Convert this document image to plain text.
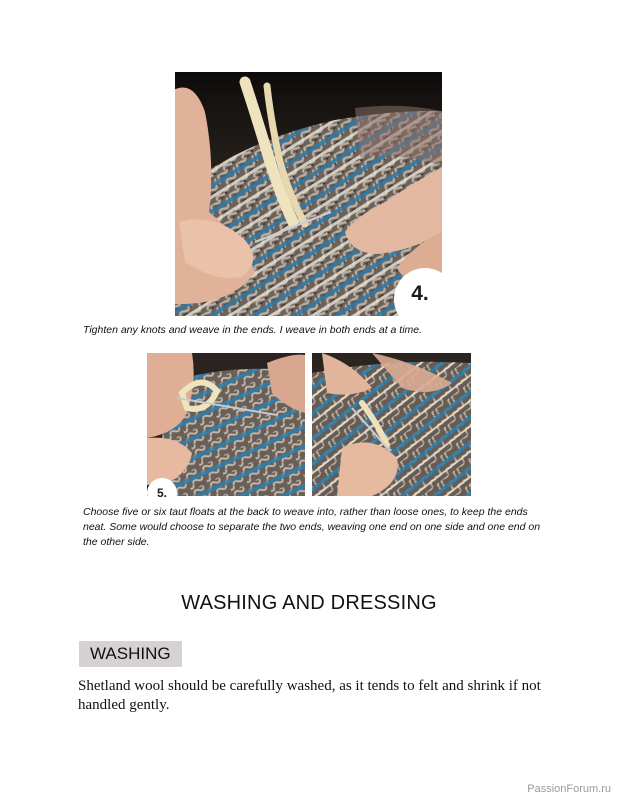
4.

Tighten any knots and weave in the ends. I weave in both ends at a time.

5.

Choose five or six taut floats at the back to weave into, rather than loose ones, to keep the ends neat. Some would choose to separate the two ends, weaving one end on one side and one end on the other side.

WASHING AND DRESSING
WASHING

Shetland wool should be carefully washed, as it tends to felt and shrink if not handled gently.

PassionForum.ru
